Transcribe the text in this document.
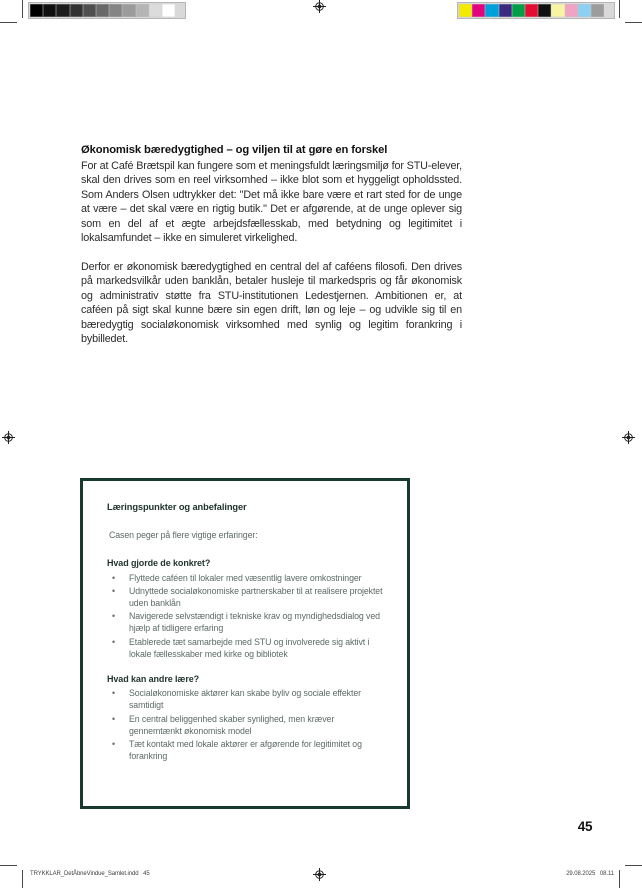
Økonomisk bæredygtighed – og viljen til at gøre en forskel

For at Café Brætspil kan fungere som et meningsfuldt læringsmiljø for STU-elever, skal den drives som en reel virksomhed – ikke blot som et hyggeligt opholdssted. Som Anders Olsen udtrykker det: "Det må ikke bare være et rart sted for de unge at være – det skal være en rigtig butik." Det er afgørende, at de unge oplever sig som en del af et ægte arbejdsfællesskab, med betydning og legitimitet i lokalsamfundet – ikke en simuleret virkelighed.

Derfor er økonomisk bæredygtighed en central del af caféens filosofi. Den drives på markedsvilkår uden banklån, betaler husleje til markedspris og får økonomisk og administrativ støtte fra STU-institutionen Ledestjernen. Ambitionen er, at caféen på sigt skal kunne bære sin egen drift, løn og leje – og udvikle sig til en bæredygtig socialøkonomisk virksomhed med synlig og legitim forankring i bybilledet.

Læringspunkter og anbefalinger
Casen peger på flere vigtige erfaringer:
Hvad gjorde de konkret?
• Flyttede caféen til lokaler med væsentlig lavere omkostninger
• Udnyttede socialøkonomiske partnerskaber til at realisere projektet uden banklån
• Navigerede selvstændigt i tekniske krav og myndighedsdialog ved hjælp af tidligere erfaring
• Etablerede tæt samarbejde med STU og involverede sig aktivt i lokale fællesskaber med kirke og bibliotek
Hvad kan andre lære?
• Socialøkonomiske aktører kan skabe byliv og sociale effekter samtidigt
• En central beliggenhed skaber synlighed, men kræver gennemtænkt økonomisk model
• Tæt kontakt med lokale aktører er afgørende for legitimitet og forankring
45
TRYKKLAR_DetÅbneVindue_Samlet.indd   45	29.08.2025   08.11
